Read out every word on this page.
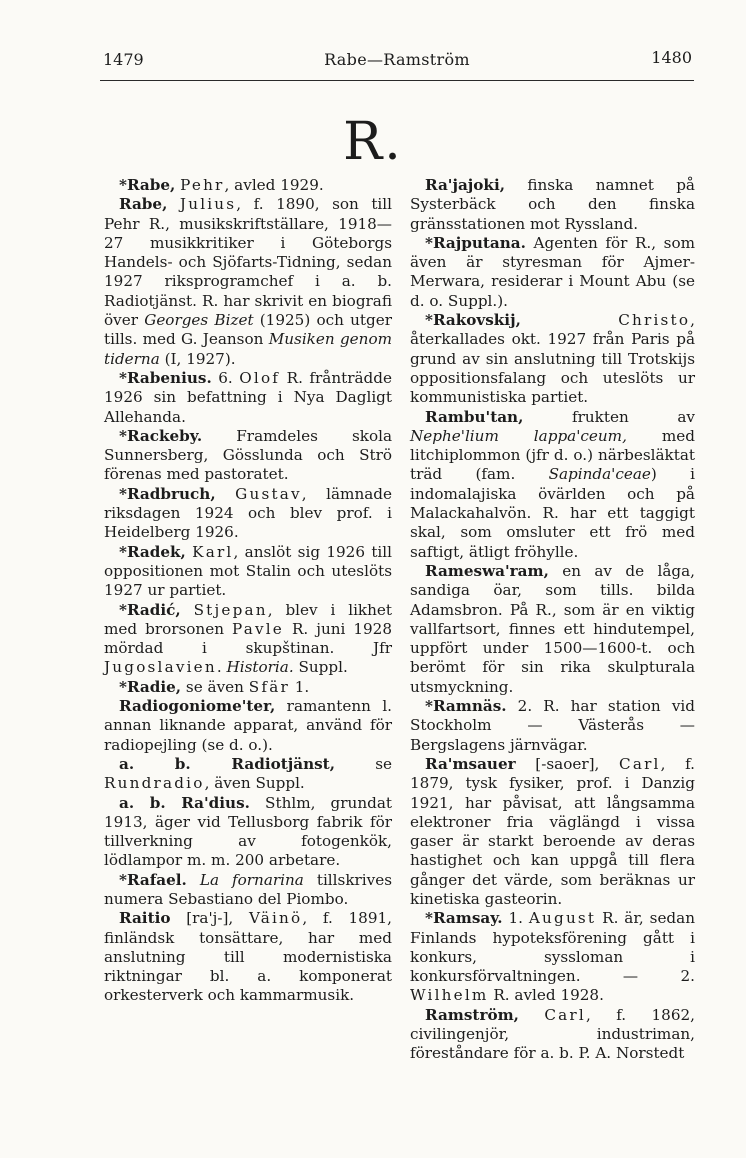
1479	Rabe—Ramström	1480
R.

*Rabe, Pehr, avled 1929.

Rabe, Julius, f. 1890, son till Pehr R., musikskriftställare, 1918—27 musikkritiker i Göteborgs Handels- och Sjöfarts-Tidning, sedan 1927 riksprogramchef i a. b. Radiotjänst. R. har skrivit en biografi över Georges Bizet (1925) och utger tills. med G. Jeanson Musiken genom tiderna (I, 1927).

*Rabenius. 6. Olof R. frånträdde 1926 sin befattning i Nya Dagligt Allehanda.

*Rackeby. Framdeles skola Sunnersberg, Gösslunda och Strö förenas med pastoratet.

*Radbruch, Gustav, lämnade riksdagen 1924 och blev prof. i Heidelberg 1926.

*Radek, Karl, anslöt sig 1926 till oppositionen mot Stalin och uteslöts 1927 ur partiet.

*Radić, Stjepan, blev i likhet med brorsonen Pavle R. juni 1928 mördad i skupštinan. Jfr Jugoslavien. Historia. Suppl.

*Radie, se även Sfär 1.

Radiogoniome'ter, ramantenn l. annan liknande apparat, använd för radiopejling (se d. o.).

a. b. Radiotjänst, se Rundradio, även Suppl.

a. b. Ra'dius. Sthlm, grundat 1913, äger vid Tellusborg fabrik för tillverkning av fotogenkök, lödlampor m. m. 200 arbetare.

*Rafael. La fornarina tillskrives numera Sebastiano del Piombo.

Raitio [ra'j-], Väinö, f. 1891, finländsk tonsättare, har med anslutning till modernistiska riktningar bl. a. komponerat orkesterverk och kammarmusik.

Ra'jajoki, finska namnet på Systerbäck och den finska gränsstationen mot Ryssland.

*Rajputana. Agenten för R., som även är styresman för Ajmer-Merwara, residerar i Mount Abu (se d. o. Suppl.).

*Rakovskij,	Christo, återkallades okt. 1927 från Paris på grund av sin anslutning till Trotskijs oppositionsfalang och uteslöts ur kommunistiska partiet.

Rambu'tan, frukten av Nephe'lium lappa'ceum, med litchiplommon (jfr d. o.) närbesläktat träd (fam. Sapinda'ceae) i indomalajiska övärlden och på Malackahalvön. R. har ett taggigt skal, som omsluter ett frö med saftigt, ätligt fröhylle.

Rameswa'ram, en av de låga, sandiga öar, som tills. bilda Adamsbron. På R., som är en viktig vallfartsort, finnes ett hindutempel, uppfört under 1500—1600-t. och berömt för sin rika skulpturala utsmyckning.

*Ramnäs. 2. R. har station vid Stockholm — Västerås — Bergslagens järnvägar.

Ra'msauer [-saoer], Carl, f. 1879, tysk fysiker, prof. i Danzig 1921, har påvisat, att långsamma elektroner fria väglängd i vissa gaser är starkt beroende av deras hastighet och kan uppgå till flera gånger det värde, som beräknas ur kinetiska gasteorin.

*Ramsay. 1. August R. är, sedan Finlands hypoteksförening gått i konkurs, syssloman i konkursförvaltningen. — 2. Wilhelm R. avled 1928.

Ramström, Carl, f. 1862, civilingenjör, industriman, föreståndare för a. b. P. A. Norstedt
